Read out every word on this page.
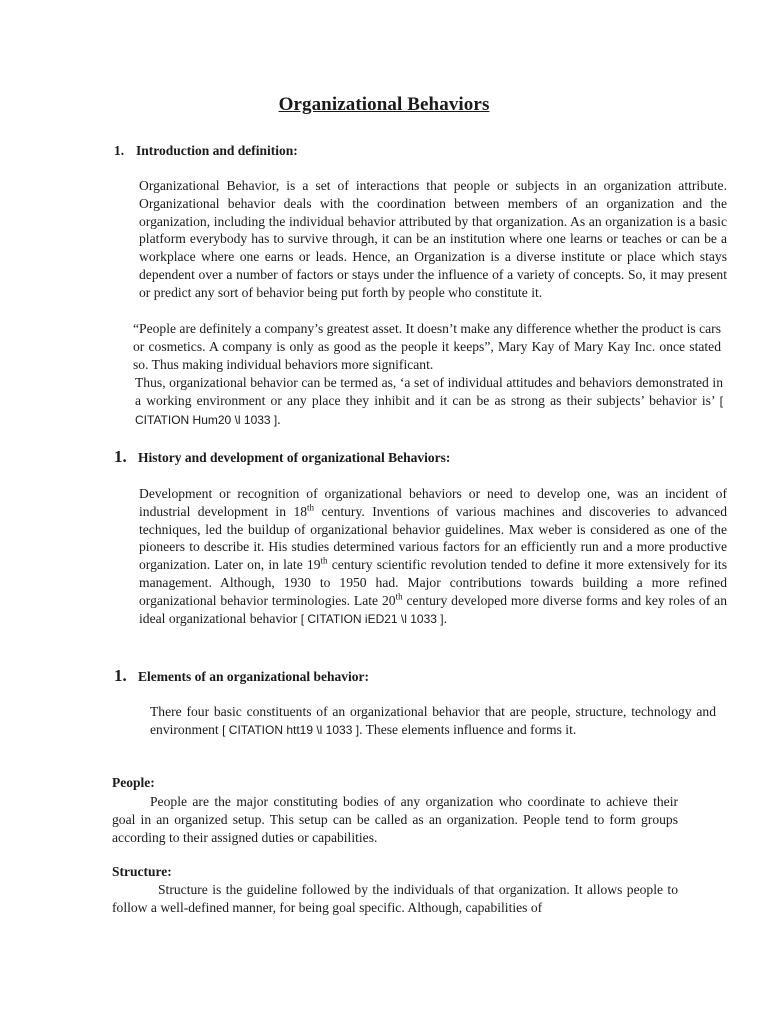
Organizational Behaviors
1. Introduction and definition:

Organizational Behavior, is a set of interactions that people or subjects in an organization attribute. Organizational behavior deals with the coordination between members of an organization and the organization, including the individual behavior attributed by that organization. As an organization is a basic platform everybody has to survive through, it can be an institution where one learns or teaches or can be a workplace where one earns or leads. Hence, an Organization is a diverse institute or place which stays dependent over a number of factors or stays under the influence of a variety of concepts. So, it may present or predict any sort of behavior being put forth by people who constitute it.

“People are definitely a company’s greatest asset. It doesn’t make any difference whether the product is cars or cosmetics. A company is only as good as the people it keeps”, Mary Kay of Mary Kay Inc. once stated so. Thus making individual behaviors more significant.

Thus, organizational behavior can be termed as, ‘a set of individual attitudes and behaviors demonstrated in a working environment or any place they inhibit and it can be as strong as their subjects’ behavior is’ [ CITATION Hum20 \l 1033 ].

1. History and development of organizational Behaviors:

Development or recognition of organizational behaviors or need to develop one, was an incident of industrial development in 18th century. Inventions of various machines and discoveries to advanced techniques, led the buildup of organizational behavior guidelines. Max weber is considered as one of the pioneers to describe it. His studies determined various factors for an efficiently run and a more productive organization. Later on, in late 19th century scientific revolution tended to define it more extensively for its management. Although, 1930 to 1950 had. Major contributions towards building a more refined organizational behavior terminologies. Late 20th century developed more diverse forms and key roles of an ideal organizational behavior [ CITATION iED21 \l 1033 ].

1. Elements of an organizational behavior:

There four basic constituents of an organizational behavior that are people, structure, technology and environment [ CITATION htt19 \l 1033 ]. These elements influence and forms it.

People:

People are the major constituting bodies of any organization who coordinate to achieve their goal in an organized setup. This setup can be called as an organization. People tend to form groups according to their assigned duties or capabilities.

Structure:

Structure is the guideline followed by the individuals of that organization. It allows people to follow a well-defined manner, for being goal specific. Although, capabilities of
